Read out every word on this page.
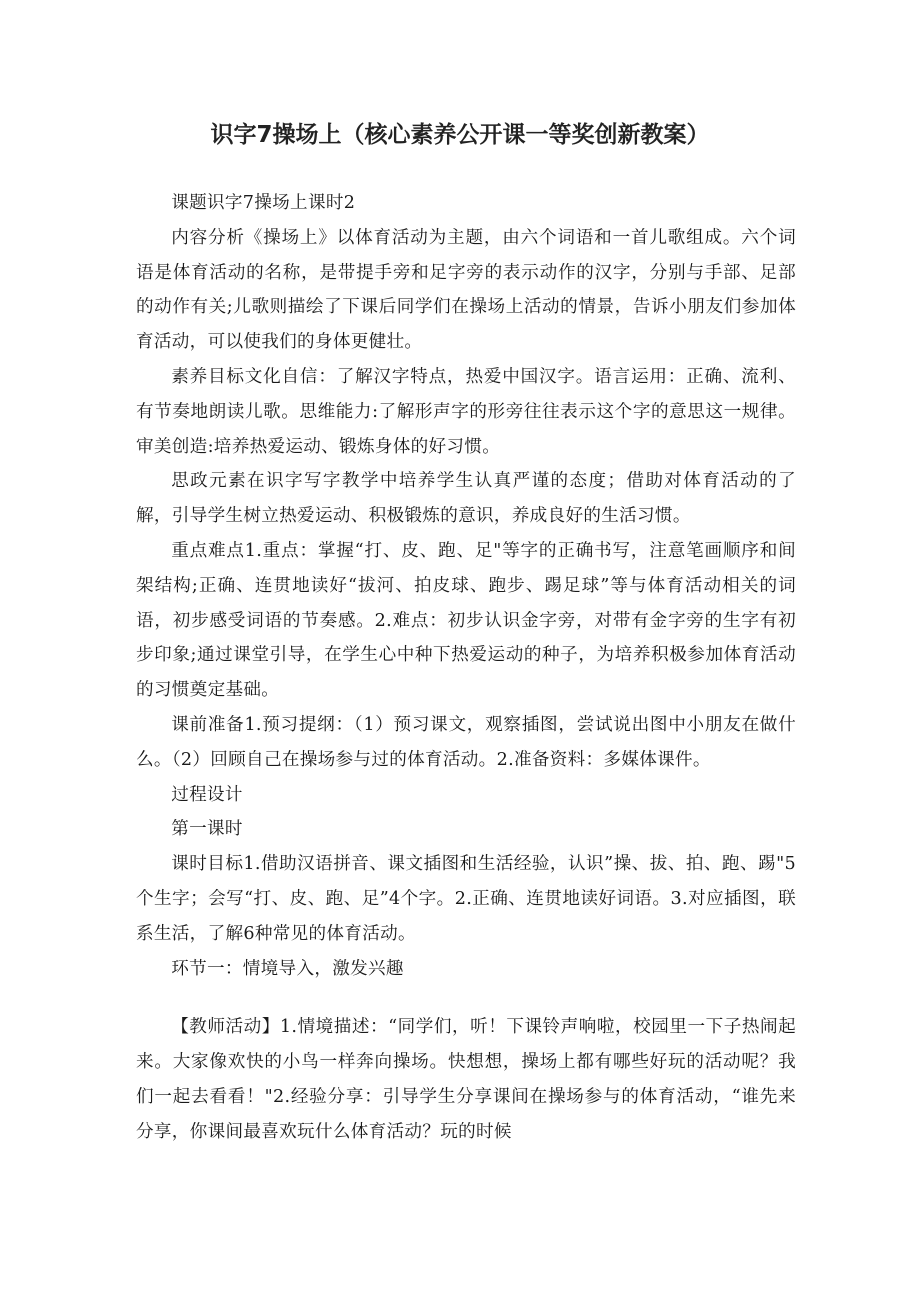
识字7操场上（核心素养公开课一等奖创新教案）

课题识字7操场上课时2

内容分析《操场上》以体育活动为主题，由六个词语和一首儿歌组成。六个词语是体育活动的名称，是带提手旁和足字旁的表示动作的汉字，分别与手部、足部的动作有关;儿歌则描绘了下课后同学们在操场上活动的情景，告诉小朋友们参加体育活动，可以使我们的身体更健壮。

素养目标文化自信：了解汉字特点，热爱中国汉字。语言运用：正确、流利、有节奏地朗读儿歌。思维能力:了解形声字的形旁往往表示这个字的意思这一规律。审美创造:培养热爱运动、锻炼身体的好习惯。

思政元素在识字写字教学中培养学生认真严谨的态度；借助对体育活动的了解，引导学生树立热爱运动、积极锻炼的意识，养成良好的生活习惯。

重点难点1.重点：掌握“打、皮、跑、足"等字的正确书写，注意笔画顺序和间架结构;正确、连贯地读好“拔河、拍皮球、跑步、踢足球”等与体育活动相关的词语，初步感受词语的节奏感。2.难点：初步认识金字旁，对带有金字旁的生字有初步印象;通过课堂引导，在学生心中种下热爱运动的种子，为培养积极参加体育活动的习惯奠定基础。

课前准备1.预习提纲：（1）预习课文，观察插图，尝试说出图中小朋友在做什么。（2）回顾自己在操场参与过的体育活动。2.准备资料：多媒体课件。

过程设计

第一课时

课时目标1.借助汉语拼音、课文插图和生活经验，认识”操、拔、拍、跑、踢"5个生字；会写“打、皮、跑、足”4个字。2.正确、连贯地读好词语。3.对应插图，联系生活，了解6种常见的体育活动。

环节一：情境导入，激发兴趣

【教师活动】1.情境描述：“同学们，听！下课铃声响啦，校园里一下子热闹起来。大家像欢快的小鸟一样奔向操场。快想想，操场上都有哪些好玩的活动呢？我们一起去看看！"2.经验分享：引导学生分享课间在操场参与的体育活动，“谁先来分享，你课间最喜欢玩什么体育活动？玩的时候
